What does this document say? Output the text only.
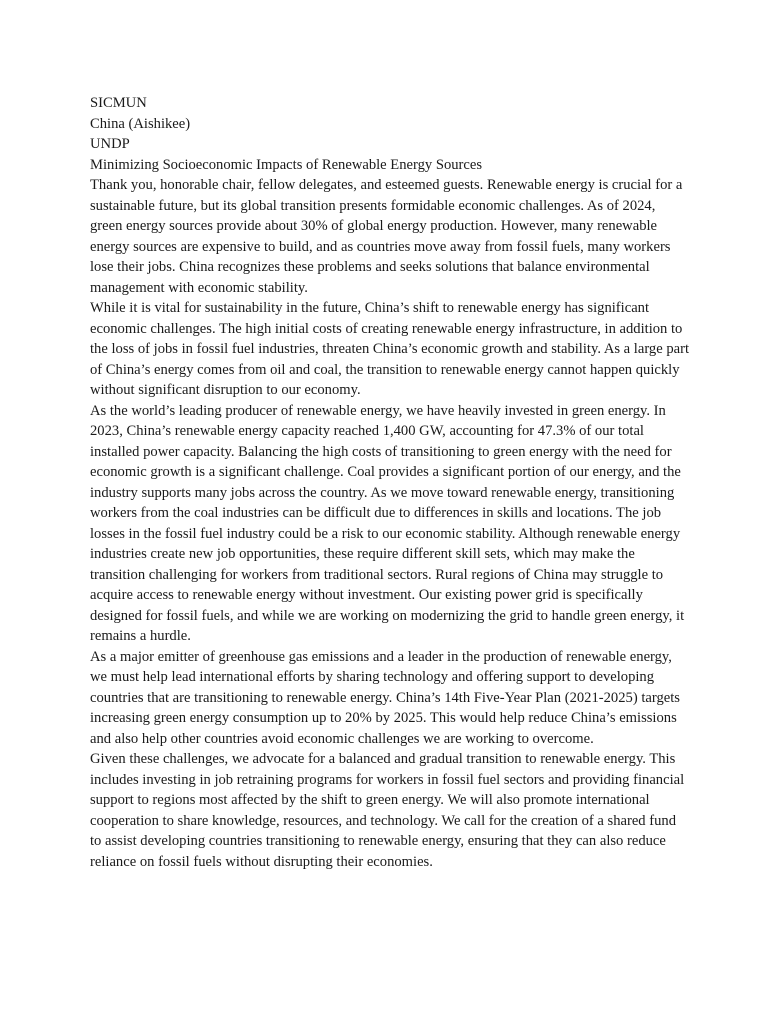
SICMUN
China (Aishikee)
UNDP
Minimizing Socioeconomic Impacts of Renewable Energy Sources

Thank you, honorable chair, fellow delegates, and esteemed guests. Renewable energy is crucial for a sustainable future, but its global transition presents formidable economic challenges. As of 2024, green energy sources provide about 30% of global energy production. However, many renewable energy sources are expensive to build, and as countries move away from fossil fuels, many workers lose their jobs. China recognizes these problems and seeks solutions that balance environmental management with economic stability.

While it is vital for sustainability in the future, China’s shift to renewable energy has significant economic challenges. The high initial costs of creating renewable energy infrastructure, in addition to the loss of jobs in fossil fuel industries, threaten China’s economic growth and stability. As a large part of China’s energy comes from oil and coal, the transition to renewable energy cannot happen quickly without significant disruption to our economy.

As the world’s leading producer of renewable energy, we have heavily invested in green energy. In 2023, China’s renewable energy capacity reached 1,400 GW, accounting for 47.3% of our total installed power capacity. Balancing the high costs of transitioning to green energy with the need for economic growth is a significant challenge. Coal provides a significant portion of our energy, and the industry supports many jobs across the country. As we move toward renewable energy, transitioning workers from the coal industries can be difficult due to differences in skills and locations. The job losses in the fossil fuel industry could be a risk to our economic stability. Although renewable energy industries create new job opportunities, these require different skill sets, which may make the transition challenging for workers from traditional sectors. Rural regions of China may struggle to acquire access to renewable energy without investment. Our existing power grid is specifically designed for fossil fuels, and while we are working on modernizing the grid to handle green energy, it remains a hurdle.

As a major emitter of greenhouse gas emissions and a leader in the production of renewable energy, we must help lead international efforts by sharing technology and offering support to developing countries that are transitioning to renewable energy. China’s 14th Five-Year Plan (2021-2025) targets increasing green energy consumption up to 20% by 2025. This would help reduce China’s emissions and also help other countries avoid economic challenges we are working to overcome.

Given these challenges, we advocate for a balanced and gradual transition to renewable energy. This includes investing in job retraining programs for workers in fossil fuel sectors and providing financial support to regions most affected by the shift to green energy. We will also promote international cooperation to share knowledge, resources, and technology. We call for the creation of a shared fund to assist developing countries transitioning to renewable energy, ensuring that they can also reduce reliance on fossil fuels without disrupting their economies.
